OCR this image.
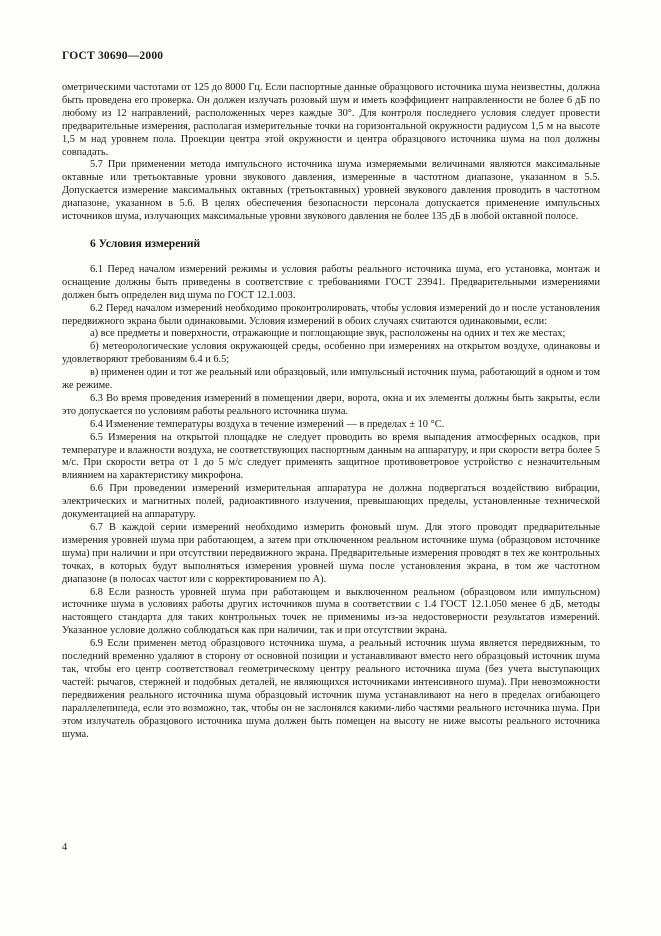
ГОСТ 30690—2000

ометрическими частотами от 125 до 8000 Гц. Если паспортные данные образцового источника шума неизвестны, должна быть проведена его проверка. Он должен излучать розовый шум и иметь коэффициент направленности не более 6 дБ по любому из 12 направлений, расположенных через каждые 30°. Для контроля последнего условия следует провести предварительные измерения, располагая измерительные точки на горизонтальной окружности радиусом 1,5 м на высоте 1,5 м над уровнем пола. Проекции центра этой окружности и центра образцового источника шума на пол должны совпадать.

5.7 При применении метода импульсного источника шума измеряемыми величинами являются максимальные октавные или третьоктавные уровни звукового давления, измеренные в частотном диапазоне, указанном в 5.5. Допускается измерение максимальных октавных (третьоктавных) уровней звукового давления проводить в частотном диапазоне, указанном в 5.6. В целях обеспечения безопасности персонала допускается применение импульсных источников шума, излучающих максимальные уровни звукового давления не более 135 дБ в любой октавной полосе.

6 Условия измерений

6.1 Перед началом измерений режимы и условия работы реального источника шума, его установка, монтаж и оснащение должны быть приведены в соответствие с требованиями ГОСТ 23941. Предварительными измерениями должен быть определен вид шума по ГОСТ 12.1.003.

6.2 Перед началом измерений необходимо проконтролировать, чтобы условия измерений до и после установления передвижного экрана были одинаковыми. Условия измерений в обоих случаях считаются одинаковыми, если:

а) все предметы и поверхности, отражающие и поглощающие звук, расположены на одних и тех же местах;

б) метеорологические условия окружающей среды, особенно при измерениях на открытом воздухе, одинаковы и удовлетворяют требованиям 6.4 и 6.5;

в) применен один и тот же реальный или образцовый, или импульсный источник шума, работающий в одном и том же режиме.

6.3 Во время проведения измерений в помещении двери, ворота, окна и их элементы должны быть закрыты, если это допускается по условиям работы реального источника шума.

6.4 Изменение температуры воздуха в течение измерений — в пределах ± 10 °С.

6.5 Измерения на открытой площадке не следует проводить во время выпадения атмосферных осадков, при температуре и влажности воздуха, не соответствующих паспортным данным на аппаратуру, и при скорости ветра более 5 м/с. При скорости ветра от 1 до 5 м/с следует применять защитное противоветровое устройство с незначительным влиянием на характеристику микрофона.

6.6 При проведении измерений измерительная аппаратура не должна подвергаться воздействию вибрации, электрических и магнитных полей, радиоактивного излучения, превышающих пределы, установленные технической документацией на аппаратуру.

6.7 В каждой серии измерений необходимо измерить фоновый шум. Для этого проводят предварительные измерения уровней шума при работающем, а затем при отключенном реальном источнике шума (образцовом источнике шума) при наличии и при отсутствии передвижного экрана. Предварительные измерения проводят в тех же контрольных точках, в которых будут выполняться измерения уровней шума после установления экрана, в том же частотном диапазоне (в полосах частот или с корректированием по А).

6.8 Если разность уровней шума при работающем и выключенном реальном (образцовом или импульсном) источнике шума в условиях работы других источников шума в соответствии с 1.4 ГОСТ 12.1.050 менее 6 дБ, методы настоящего стандарта для таких контрольных точек не применимы из-за недостоверности результатов измерений. Указанное условие должно соблюдаться как при наличии, так и при отсутствии экрана.

6.9 Если применен метод образцового источника шума, а реальный источник шума является передвижным, то последний временно удаляют в сторону от основной позиции и устанавливают вместо него образцовый источник шума так, чтобы его центр соответствовал геометрическому центру реального источника шума (без учета выступающих частей: рычагов, стержней и подобных деталей, не являющихся источниками интенсивного шума). При невозможности передвижения реального источника шума образцовый источник шума устанавливают на него в пределах огибающего параллелепипеда, если это возможно, так, чтобы он не заслонялся какими-либо частями реального источника шума. При этом излучатель образцового источника шума должен быть помещен на высоту не ниже высоты реального источника шума.

4
